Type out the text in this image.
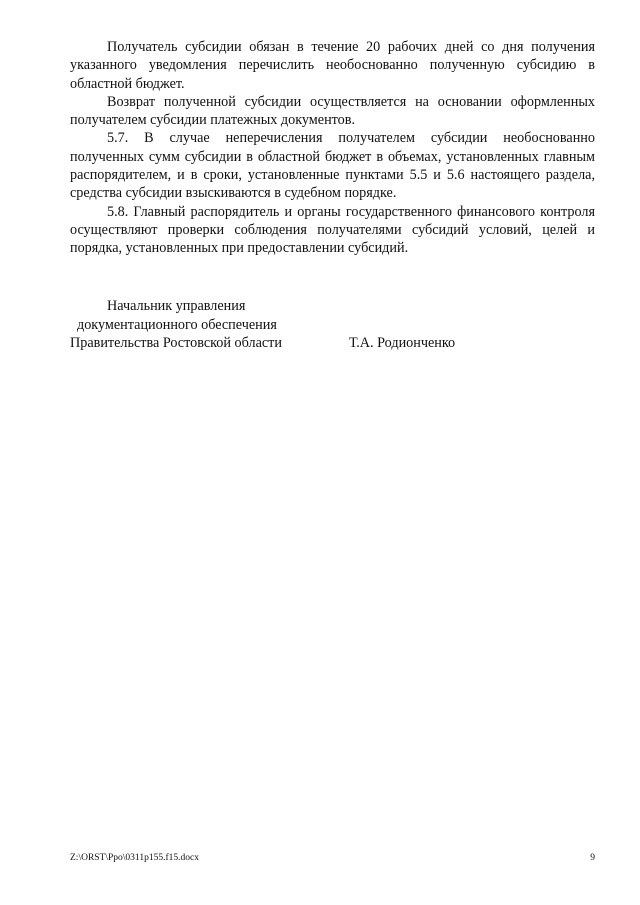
Получатель субсидии обязан в течение 20 рабочих дней со дня получения указанного уведомления перечислить необоснованно полученную субсидию в областной бюджет.

Возврат полученной субсидии осуществляется на основании оформленных получателем субсидии платежных документов.

5.7. В случае неперечисления получателем субсидии необоснованно полученных сумм субсидии в областной бюджет в объемах, установленных главным распорядителем, и в сроки, установленные пунктами 5.5 и 5.6 настоящего раздела, средства субсидии взыскиваются в судебном порядке.

5.8. Главный распорядитель и органы государственного финансового контроля осуществляют проверки соблюдения получателями субсидий условий, целей и порядка, установленных при предоставлении субсидий.

Начальник управления
документационного обеспечения
Правительства Ростовской области	Т.А. Родионченко
Z:\ORST\Ppo\0311p155.f15.docx	9
